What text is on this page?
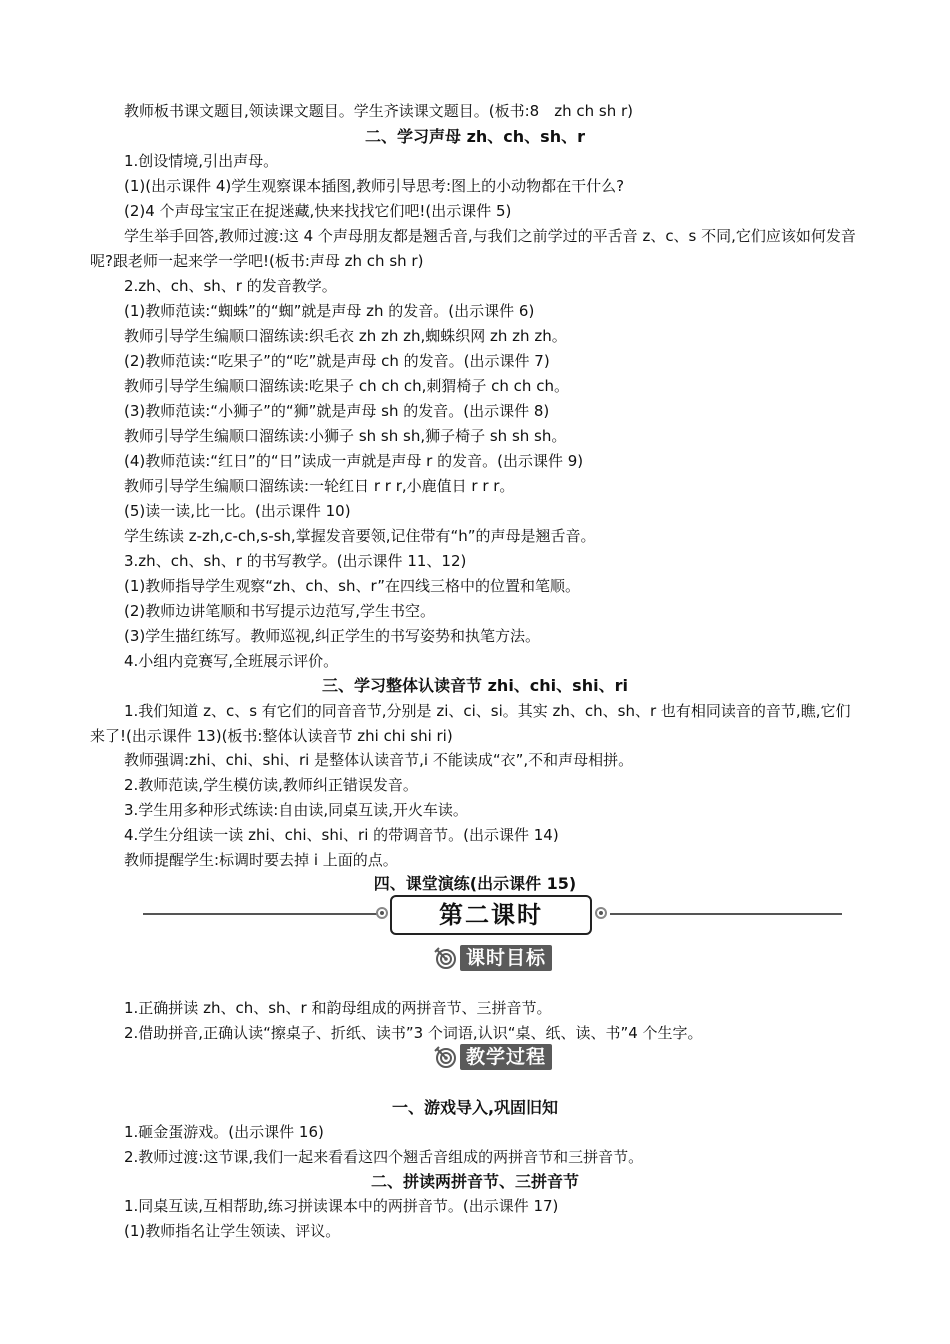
教师板书课文题目,领读课文题目。学生齐读课文题目。(板书:8　zh ch sh r)
二、学习声母 zh、ch、sh、r
1.创设情境,引出声母。
(1)(出示课件 4)学生观察课本插图,教师引导思考:图上的小动物都在干什么?
(2)4 个声母宝宝正在捉迷藏,快来找找它们吧!(出示课件 5)
学生举手回答,教师过渡:这 4 个声母朋友都是翘舌音,与我们之前学过的平舌音 z、c、s 不同,它们应该如何发音呢?跟老师一起来学一学吧!(板书:声母 zh ch sh r)
2.zh、ch、sh、r 的发音教学。
(1)教师范读:“蜘蛛”的“蜘”就是声母 zh 的发音。(出示课件 6)
教师引导学生编顺口溜练读:织毛衣 zh zh zh,蜘蛛织网 zh zh zh。
(2)教师范读:“吃果子”的“吃”就是声母 ch 的发音。(出示课件 7)
教师引导学生编顺口溜练读:吃果子 ch ch ch,刺猬椅子 ch ch ch。
(3)教师范读:“小狮子”的“狮”就是声母 sh 的发音。(出示课件 8)
教师引导学生编顺口溜练读:小狮子 sh sh sh,狮子椅子 sh sh sh。
(4)教师范读:“红日”的“日”读成一声就是声母 r 的发音。(出示课件 9)
教师引导学生编顺口溜练读:一轮红日 r r r,小鹿值日 r r r。
(5)读一读,比一比。(出示课件 10)
学生练读 z-zh,c-ch,s-sh,掌握发音要领,记住带有“h”的声母是翘舌音。
3.zh、ch、sh、r 的书写教学。(出示课件 11、12)
(1)教师指导学生观察“zh、ch、sh、r”在四线三格中的位置和笔顺。
(2)教师边讲笔顺和书写提示边范写,学生书空。
(3)学生描红练写。教师巡视,纠正学生的书写姿势和执笔方法。
4.小组内竞赛写,全班展示评价。
三、学习整体认读音节 zhi、chi、shi、ri
1.我们知道 z、c、s 有它们的同音音节,分别是 zi、ci、si。其实 zh、ch、sh、r 也有相同读音的音节,瞧,它们来了!(出示课件 13)(板书:整体认读音节 zhi chi shi ri)
教师强调:zhi、chi、shi、ri 是整体认读音节,i 不能读成“衣”,不和声母相拼。
2.教师范读,学生模仿读,教师纠正错误发音。
3.学生用多种形式练读:自由读,同桌互读,开火车读。
4.学生分组读一读 zhi、chi、shi、ri 的带调音节。(出示课件 14)
教师提醒学生:标调时要去掉 i 上面的点。
四、课堂演练(出示课件 15)
第二课时
课时目标
1.正确拼读 zh、ch、sh、r 和韵母组成的两拼音节、三拼音节。
2.借助拼音,正确认读“擦桌子、折纸、读书”3 个词语,认识“桌、纸、读、书”4 个生字。
教学过程
一、游戏导入,巩固旧知
1.砸金蛋游戏。(出示课件 16)
2.教师过渡:这节课,我们一起来看看这四个翘舌音组成的两拼音节和三拼音节。
二、拼读两拼音节、三拼音节
1.同桌互读,互相帮助,练习拼读课本中的两拼音节。(出示课件 17)
(1)教师指名让学生领读、评议。
